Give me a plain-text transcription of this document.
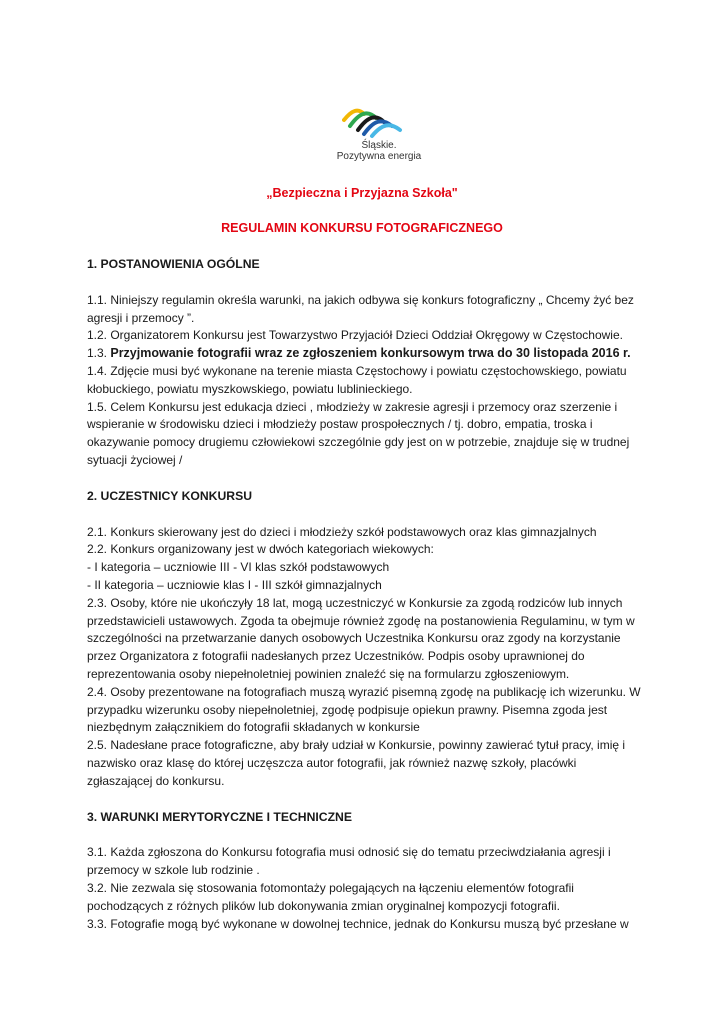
Śląskie.
Pozytywna energia
„Bezpieczna i Przyjazna Szkoła"
REGULAMIN KONKURSU FOTOGRAFICZNEGO
1. POSTANOWIENIA OGÓLNE

1.1. Niniejszy regulamin określa warunki, na jakich odbywa się konkurs fotograficzny „ Chcemy żyć bez agresji i przemocy ”.

1.2. Organizatorem Konkursu jest Towarzystwo Przyjaciół Dzieci Oddział Okręgowy w Częstochowie.

1.3. Przyjmowanie fotografii wraz ze zgłoszeniem konkursowym trwa do 30 listopada 2016 r.

1.4. Zdjęcie musi być wykonane na terenie miasta Częstochowy i powiatu częstochowskiego, powiatu kłobuckiego, powiatu myszkowskiego, powiatu lublinieckiego.

1.5. Celem Konkursu jest edukacja dzieci , młodzieży w zakresie agresji i przemocy oraz szerzenie i wspieranie w środowisku dzieci i młodzieży postaw prospołecznych / tj. dobro, empatia, troska i okazywanie pomocy drugiemu człowiekowi szczególnie gdy jest on w potrzebie, znajduje się w trudnej sytuacji życiowej /

2. UCZESTNICY KONKURSU

2.1. Konkurs skierowany jest do dzieci i młodzieży szkół podstawowych oraz klas gimnazjalnych

2.2. Konkurs organizowany jest w dwóch kategoriach wiekowych:

- I kategoria – uczniowie III - VI klas szkół podstawowych

- II kategoria – uczniowie klas I - III szkół gimnazjalnych

2.3. Osoby, które nie ukończyły 18 lat, mogą uczestniczyć w Konkursie za zgodą rodziców lub innych przedstawicieli ustawowych. Zgoda ta obejmuje również zgodę na postanowienia Regulaminu, w tym w szczególności na przetwarzanie danych osobowych Uczestnika Konkursu oraz zgody na korzystanie przez Organizatora z fotografii nadesłanych przez Uczestników. Podpis osoby uprawnionej do reprezentowania osoby niepełnoletniej powinien znaleźć się na formularzu zgłoszeniowym.

2.4. Osoby prezentowane na fotografiach muszą wyrazić pisemną zgodę na publikację ich wizerunku. W przypadku wizerunku osoby niepełnoletniej, zgodę podpisuje opiekun prawny. Pisemna zgoda jest niezbędnym załącznikiem do fotografii składanych w konkursie

2.5. Nadesłane prace fotograficzne, aby brały udział w Konkursie, powinny zawierać tytuł pracy, imię i nazwisko oraz klasę do której uczęszcza autor fotografii, jak również nazwę szkoły, placówki zgłaszającej do konkursu.

3. WARUNKI MERYTORYCZNE I TECHNICZNE

3.1. Każda zgłoszona do Konkursu fotografia musi odnosić się do tematu przeciwdziałania agresji i przemocy w szkole lub rodzinie .

3.2. Nie zezwala się stosowania fotomontaży polegających na łączeniu elementów fotografii pochodzących z różnych plików lub dokonywania zmian oryginalnej kompozycji fotografii.

3.3. Fotografie mogą być wykonane w dowolnej technice, jednak do Konkursu muszą być przesłane w
